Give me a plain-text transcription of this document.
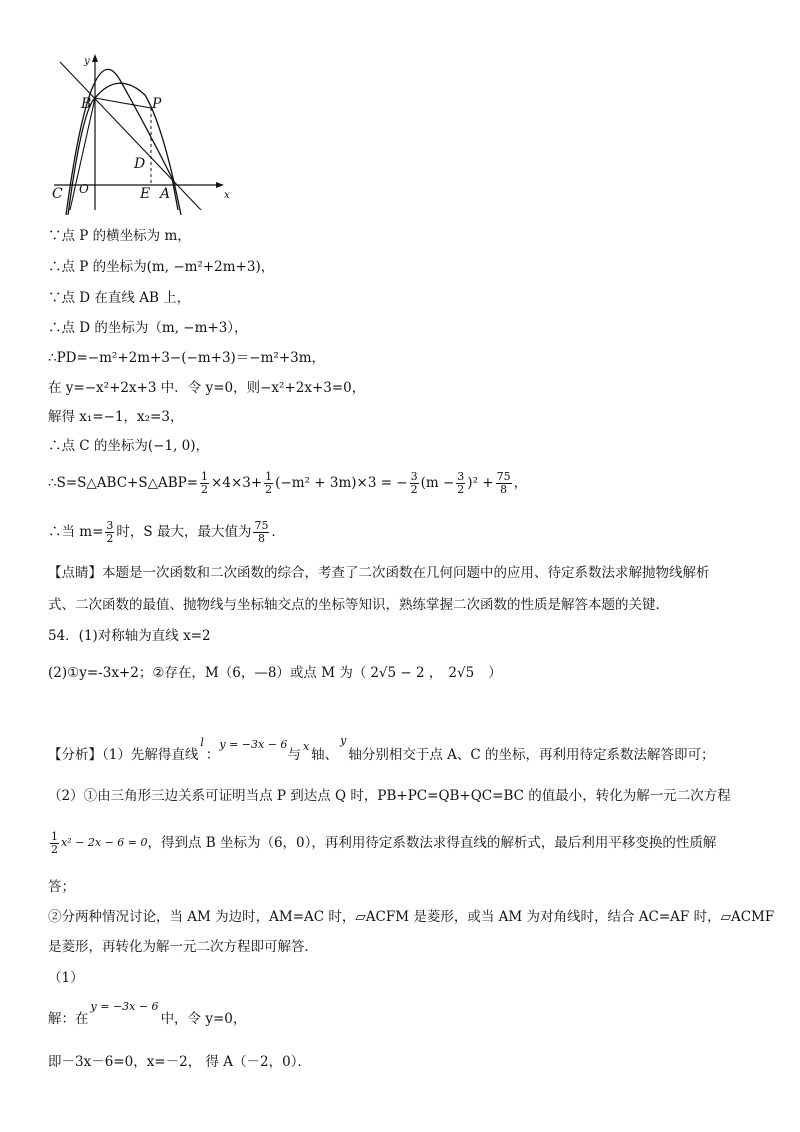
y
x
B	P
D
C O	E A
∵点 P 的横坐标为 m，
∴点 P 的坐标为(m, −m²+2m+3)，
∵点 D 在直线 AB 上，
∴点 D 的坐标为（m, −m+3），
∴PD=−m²+2m+3−(−m+3)＝−m²+3m，
在 y=−x²+2x+3 中．令 y=0，则−x²+2x+3=0，
解得 x₁=−1，x₂=3，
∴点 C 的坐标为(−1, 0)，
∴S=S△ABC+S△ABP= $\frac{1}{2} \times 4\times 3+ \frac{1}{2} (-m^2 + 3m)\times 3$ = − $\frac{3}{2} (m - \frac{3}{2} )^2 + \frac{75}{8}$ ，
∴当 $m= \frac{3}{2}$ 时，S 最大，最大值为 $\frac{75}{8}$ ．
【点睛】本题是一次函数和二次函数的综合，考查了二次函数在几何问题中的应用、待定系数法求解抛物线解析
式、二次函数的最值、抛物线与坐标轴交点的坐标等知识，熟练掌握二次函数的性质是解答本题的关键．
54．(1)对称轴为直线 x=2
(2)①y=-3x+2；②存在，M（6，—8）或点 M 为（ 2√5 − 2 ， 2√5 ）
【分析】（1）先解得直线
l
：
y = −3x − 6
与
x
轴、
y
轴分别相交于点 A、C 的坐标，再利用待定系数法解答即可；
（2）①由三角形三边关系可证明当点 P 到达点 Q 时，PB+PC=QB+QC=BC 的值最小，转化为解一元二次方程
$\frac{1}{2} x^2 - 2x - 6 = 0$ ，得到点 B 坐标为（6，0），再利用待定系数法求得直线的解析式，最后利用平移变换的性质解
答；
②分两种情况讨论，当 AM 为边时，AM=AC 时，▱ACFM 是菱形，或当 AM 为对角线时，结合 AC=AF 时，▱ACMF
是菱形，再转化为解一元二次方程即可解答．
（1）
解：在
y = −3x − 6
中，令 y=0，
即－3x－6=0，x=－2， 得 A（－2，0）．
